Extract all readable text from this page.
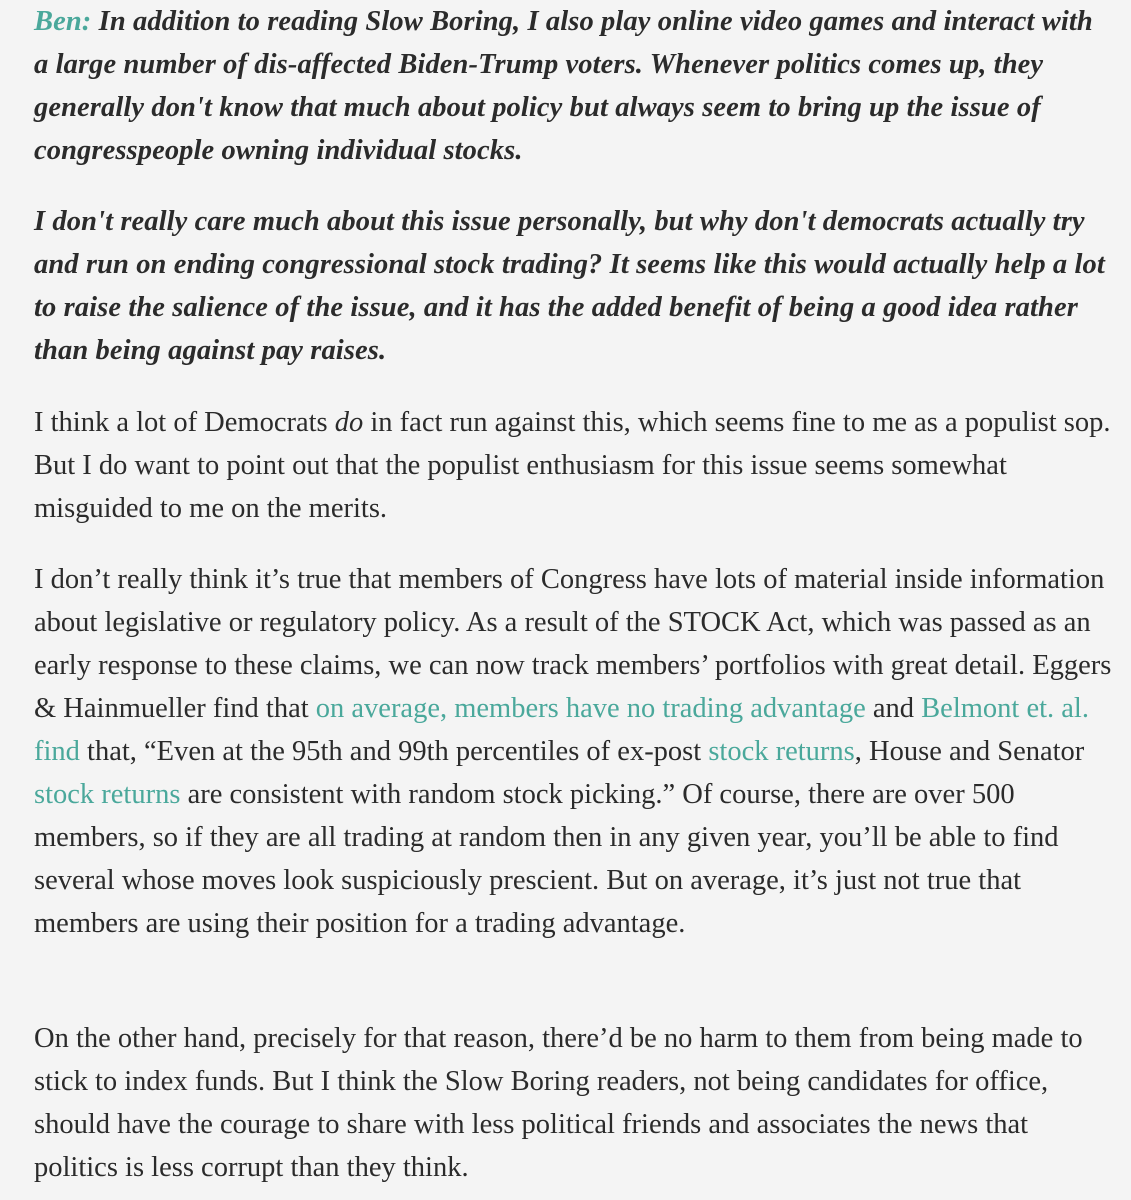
Ben: In addition to reading Slow Boring, I also play online video games and interact with a large number of dis-affected Biden-Trump voters. Whenever politics comes up, they generally don't know that much about policy but always seem to bring up the issue of congresspeople owning individual stocks.

I don't really care much about this issue personally, but why don't democrats actually try and run on ending congressional stock trading? It seems like this would actually help a lot to raise the salience of the issue, and it has the added benefit of being a good idea rather than being against pay raises.

I think a lot of Democrats do in fact run against this, which seems fine to me as a populist sop. But I do want to point out that the populist enthusiasm for this issue seems somewhat misguided to me on the merits.

I don’t really think it’s true that members of Congress have lots of material inside information about legislative or regulatory policy. As a result of the STOCK Act, which was passed as an early response to these claims, we can now track members’ portfolios with great detail. Eggers & Hainmueller find that on average, members have no trading advantage and Belmont et. al. find that, “Even at the 95th and 99th percentiles of ex-post stock returns, House and Senator stock returns are consistent with random stock picking.” Of course, there are over 500 members, so if they are all trading at random then in any given year, you’ll be able to find several whose moves look suspiciously prescient. But on average, it’s just not true that members are using their position for a trading advantage.

On the other hand, precisely for that reason, there’d be no harm to them from being made to stick to index funds. But I think the Slow Boring readers, not being candidates for office, should have the courage to share with less political friends and associates the news that politics is less corrupt than they think.
